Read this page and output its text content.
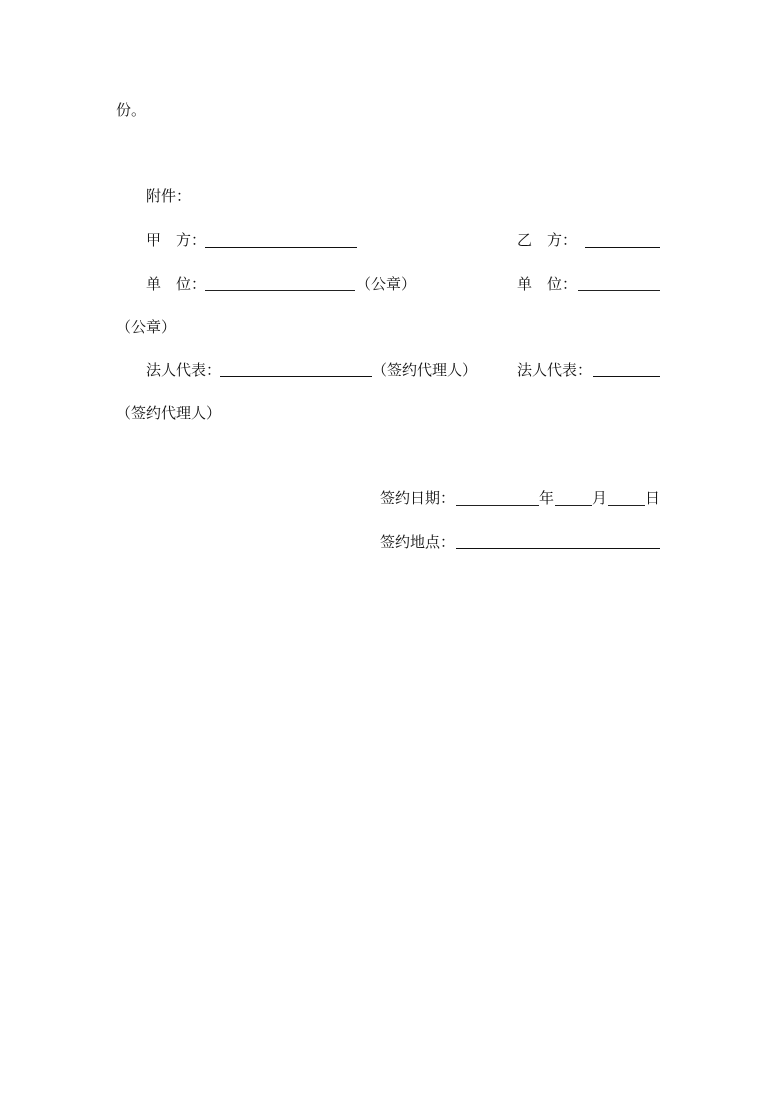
份。
附件：
甲　方：	乙　方：
单　位：	（公章）	单　位：
（公章）
法人代表：	（签约代理人）	法人代表：
（签约代理人）
签约日期：	年	月	日
签约地点：
